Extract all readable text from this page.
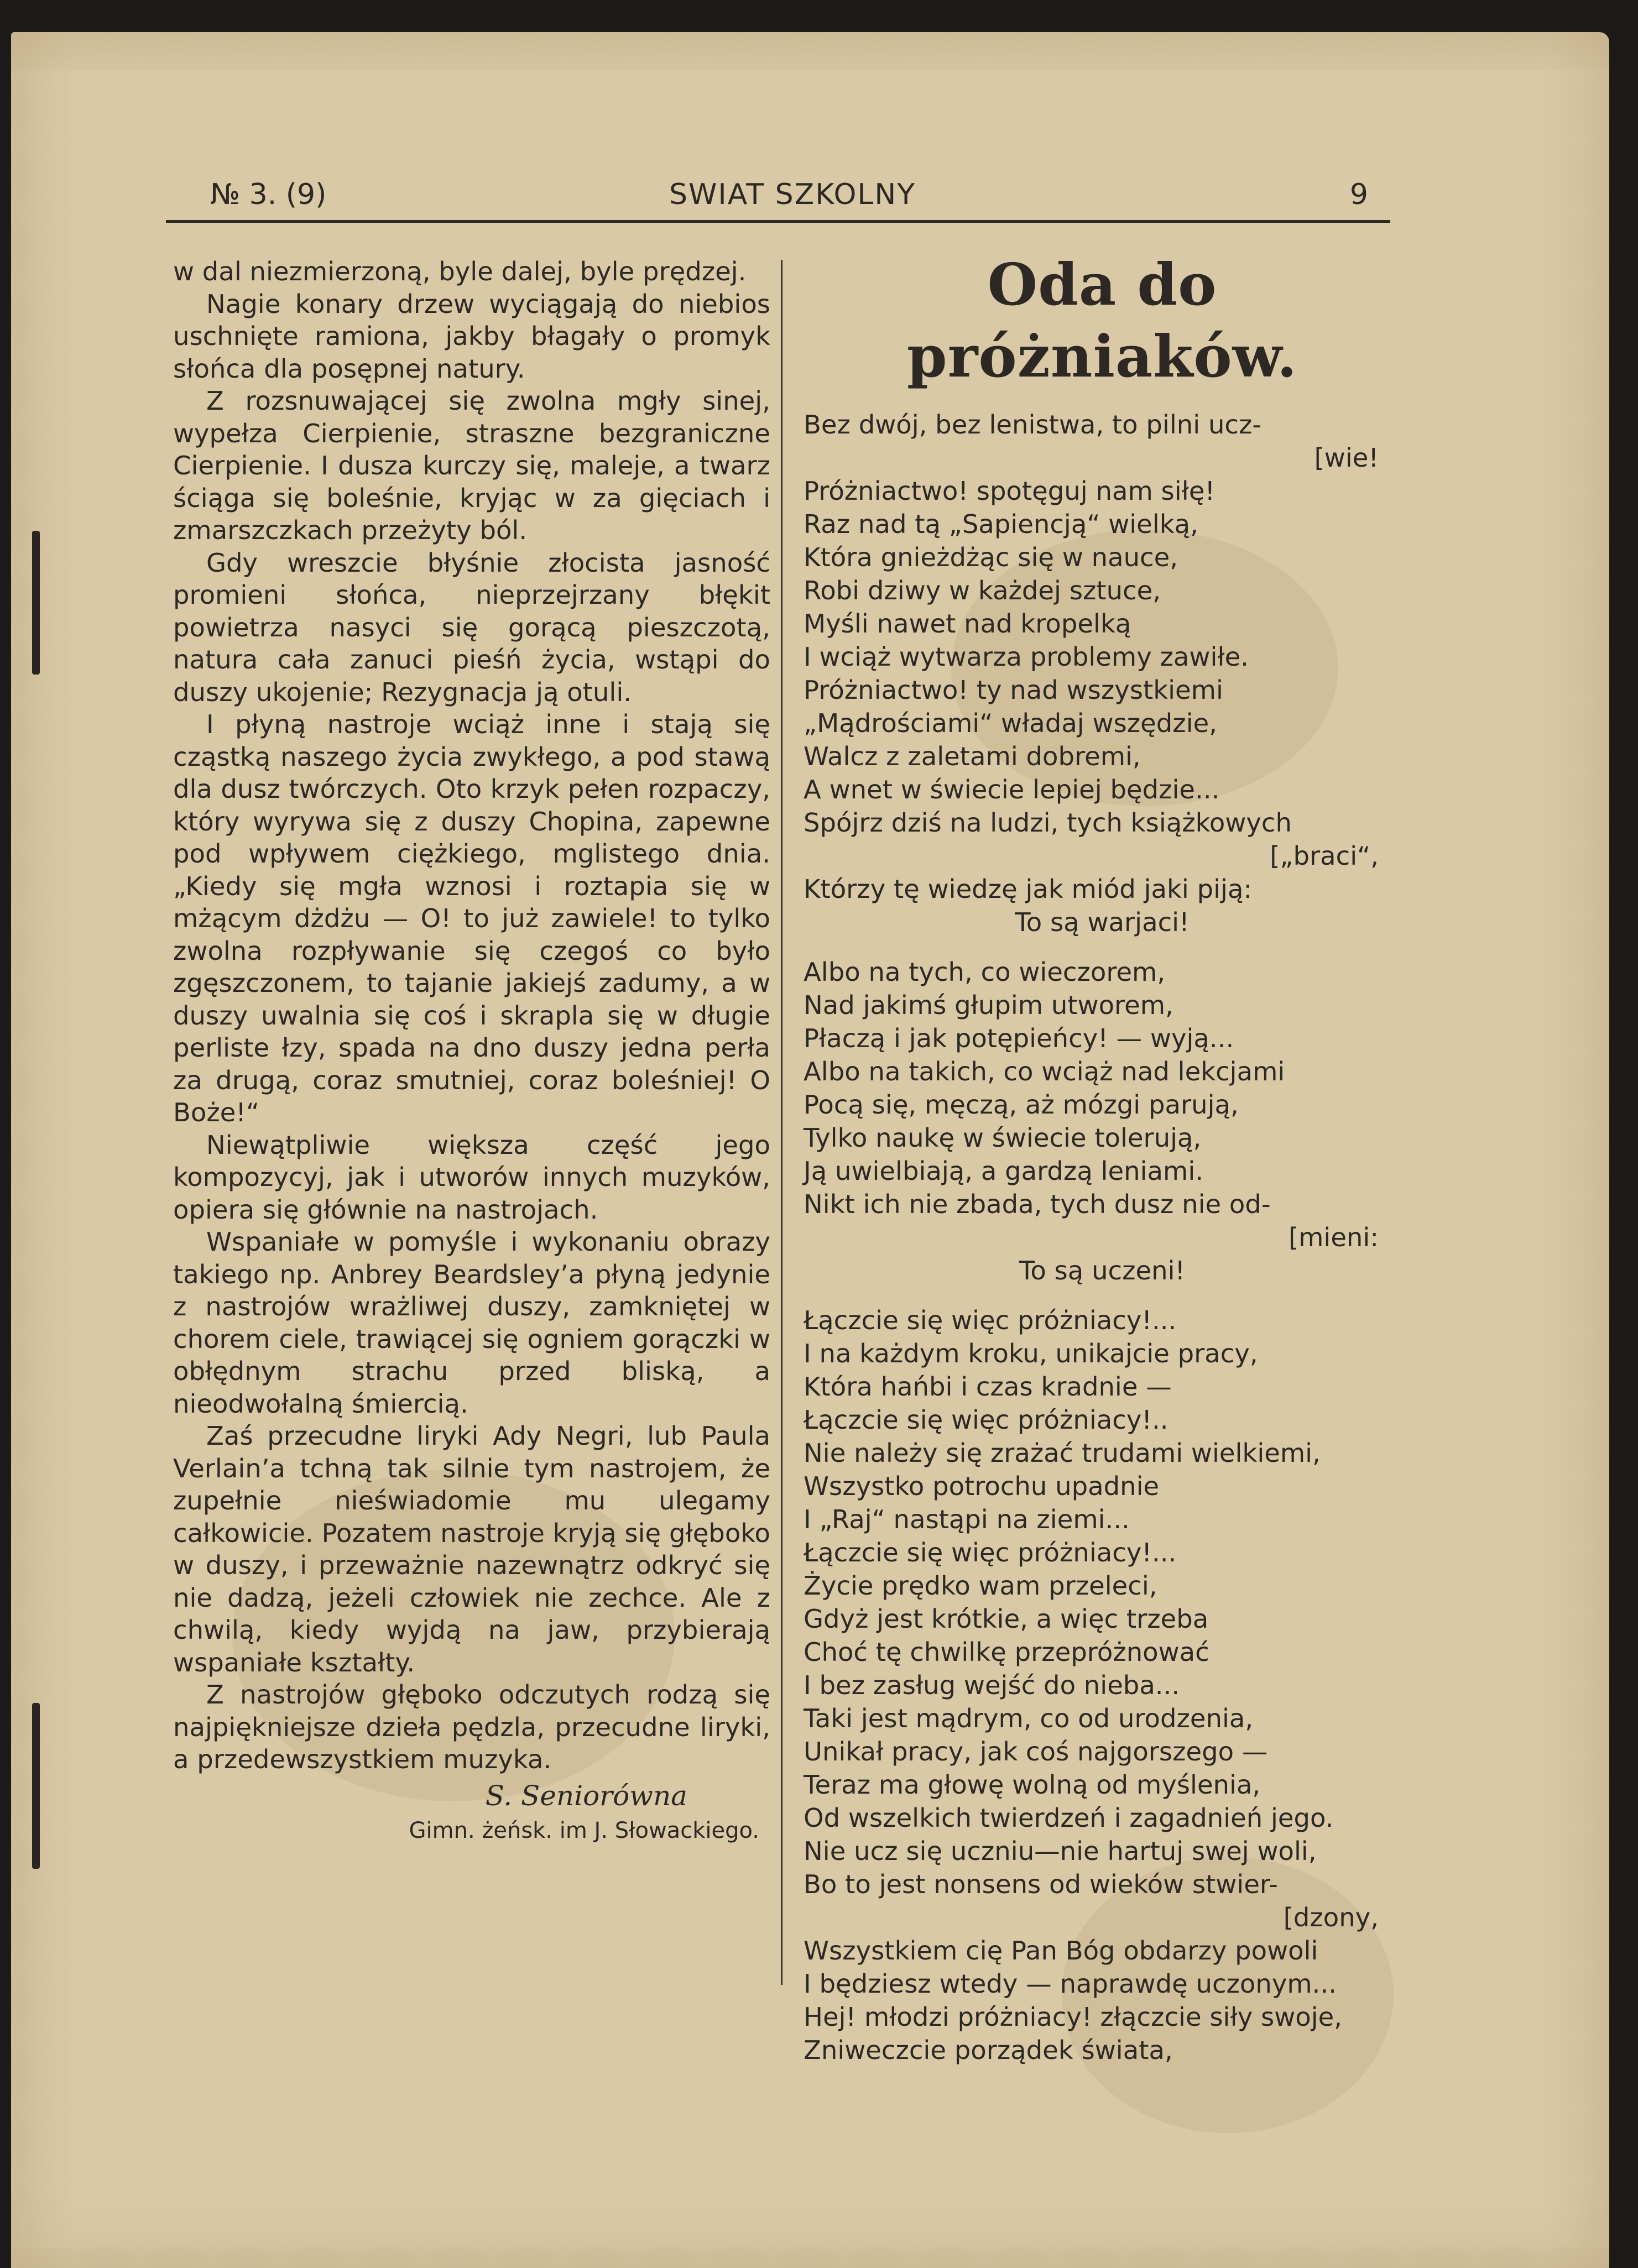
№ 3. (9)	SWIAT SZKOLNY	9

w dal niezmierzoną, byle dalej, byle prędzej.

Nagie konary drzew wyciągają do niebios uschnięte ramiona, jakby błagały o promyk słońca dla posępnej natury.

Z rozsnuwającej się zwolna mgły sinej, wypełza Cierpienie, straszne bezgraniczne Cierpienie. I dusza kurczy się, maleje, a twarz ściąga się boleśnie, kryjąc w za gięciach i zmarszczkach przeżyty ból.

Gdy wreszcie błyśnie złocista jasność promieni słońca, nieprzejrzany błękit powietrza nasyci się gorącą pieszczotą, natura cała zanuci pieśń życia, wstąpi do duszy ukojenie; Rezygnacja ją otuli.

I płyną nastroje wciąż inne i stają się cząstką naszego życia zwykłego, a pod stawą dla dusz twórczych. Oto krzyk pełen rozpaczy, który wyrywa się z duszy Chopina, zapewne pod wpływem ciężkiego, mglistego dnia. „Kiedy się mgła wznosi i roztapia się w mżącym dżdżu — O! to już zawiele! to tylko zwolna rozpływanie się czegoś co było zgęszczonem, to tajanie jakiejś zadumy, a w duszy uwalnia się coś i skrapla się w długie perliste łzy, spada na dno duszy jedna perła za drugą, coraz smutniej, coraz boleśniej! O Boże!“

Niewątpliwie większa część jego kompozycyj, jak i utworów innych muzyków, opiera się głównie na nastrojach.

Wspaniałe w pomyśle i wykonaniu obrazy takiego np. Anbrey Beardsley’a płyną jedynie z nastrojów wrażliwej duszy, zamkniętej w chorem ciele, trawiącej się ogniem gorączki w obłędnym strachu przed bliską, a nieodwołalną śmiercią.

Zaś przecudne liryki Ady Negri, lub Paula Verlain’a tchną tak silnie tym nastrojem, że zupełnie nieświadomie mu ulegamy całkowicie. Pozatem nastroje kryją się głęboko w duszy, i przeważnie nazewnątrz odkryć się nie dadzą, jeżeli człowiek nie zechce. Ale z chwilą, kiedy wyjdą na jaw, przybierają wspaniałe kształty.

Z nastrojów głęboko odczutych rodzą się najpiękniejsze dzieła pędzla, przecudne liryki, a przedewszystkiem muzyka.

S. Seniorówna
Gimn. żeńsk. im J. Słowackiego.
Oda do próżniaków.
Bez dwój, bez lenistwa, to pilni ucz-
[wie!
Próżniactwo! spotęguj nam siłę!
Raz nad tą „Sapiencją“ wielką,
Która gnieżdżąc się w nauce,
Robi dziwy w każdej sztuce,
Myśli nawet nad kropelką
I wciąż wytwarza problemy zawiłe.
Próżniactwo! ty nad wszystkiemi
„Mądrościami“ władaj wszędzie,
Walcz z zaletami dobremi,
A wnet w świecie lepiej będzie...
Spójrz dziś na ludzi, tych książkowych
[„braci“,
Którzy tę wiedzę jak miód jaki piją:
To są warjaci!
Albo na tych, co wieczorem,
Nad jakimś głupim utworem,
Płaczą i jak potępieńcy! — wyją...
Albo na takich, co wciąż nad lekcjami
Pocą się, męczą, aż mózgi parują,
Tylko naukę w świecie tolerują,
Ją uwielbiają, a gardzą leniami.
Nikt ich nie zbada, tych dusz nie od-
[mieni:
To są uczeni!
Łączcie się więc próżniacy!...
I na każdym kroku, unikajcie pracy,
Która hańbi i czas kradnie —
Łączcie się więc próżniacy!..
Nie należy się zrażać trudami wielkiemi,
Wszystko potrochu upadnie
I „Raj“ nastąpi na ziemi...
Łączcie się więc próżniacy!...
Życie prędko wam przeleci,
Gdyż jest krótkie, a więc trzeba
Choć tę chwilkę przepróżnować
I bez zasług wejść do nieba...
Taki jest mądrym, co od urodzenia,
Unikał pracy, jak coś najgorszego —
Teraz ma głowę wolną od myślenia,
Od wszelkich twierdzeń i zagadnień jego.
Nie ucz się uczniu—nie hartuj swej woli,
Bo to jest nonsens od wieków stwier-
[dzony,
Wszystkiem cię Pan Bóg obdarzy powoli
I będziesz wtedy — naprawdę uczonym...
Hej! młodzi próżniacy! złączcie siły swoje,
Zniweczcie porządek świata,
